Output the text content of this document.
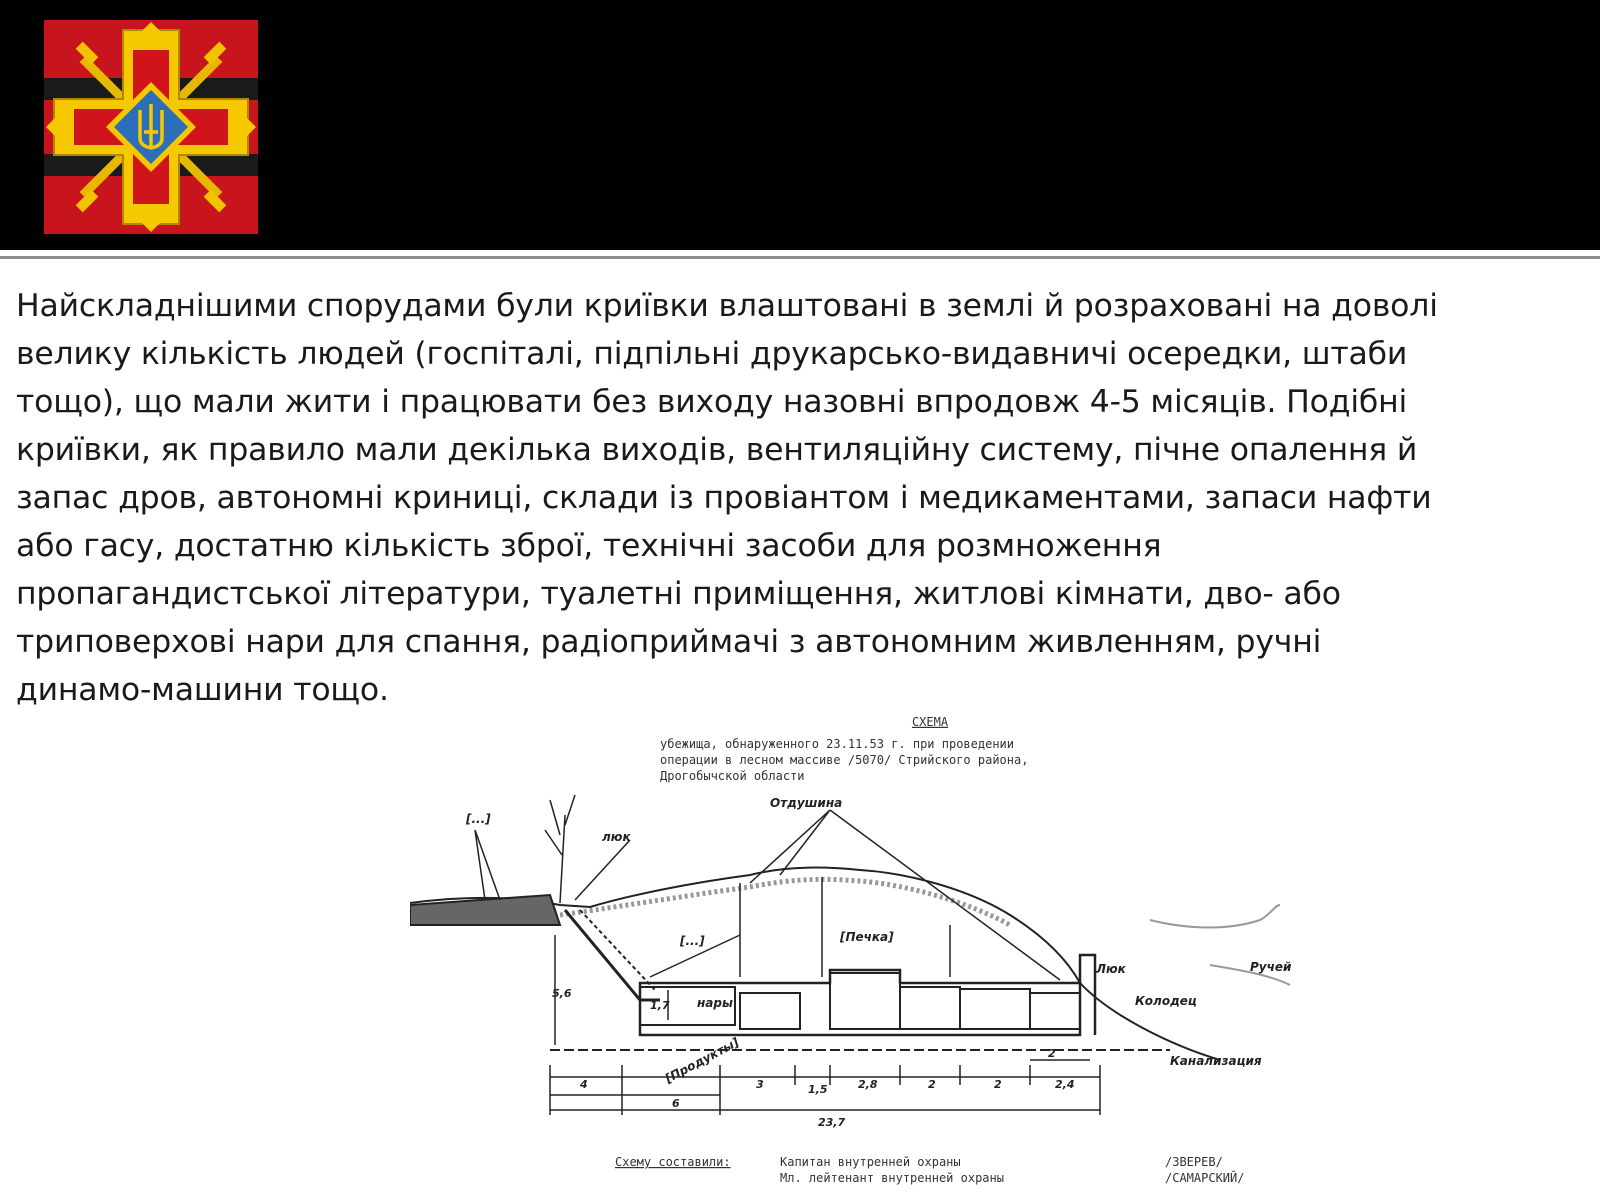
Найскладнішими спорудами були криївки влаштовані в землі й розраховані на доволі
велику кількість людей (госпіталі, підпільні друкарсько-видавничі осередки, штаби
тощо), що мали жити і працювати без виходу назовні впродовж 4-5 місяців. Подібні
криївки, як правило мали декілька виходів, вентиляційну систему, пічне опалення й
запас дров, автономні криниці, склади із провіантом і медикаментами, запаси нафти
або гасу, достатню кількість зброї, технічні засоби для розмноження
пропагандистської літератури, туалетні приміщення, житлові кімнати, дво- або
триповерхові нари для спання, радіоприймачі з автономним живленням, ручні
динамо-машини тощо.

СХЕМА
убежища, обнаруженного 23.11.53 г. при проведении
операции в лесном массиве /5070/ Стрийского района,
Дрогобычской области
Отдушина
люк
[...]
[...]	[Печка]
Люк	Ручей
Колодец
Канализация
нары
[Продукты]
5,6
1,7
4
6
3	1,5	2,8	2	2	2,4
2
23,7
Схему составили:	Капитан внутренней охраны	/ЗВЕРЕВ/
Мл. лейтенант внутренней охраны	/САМАРСКИЙ/
